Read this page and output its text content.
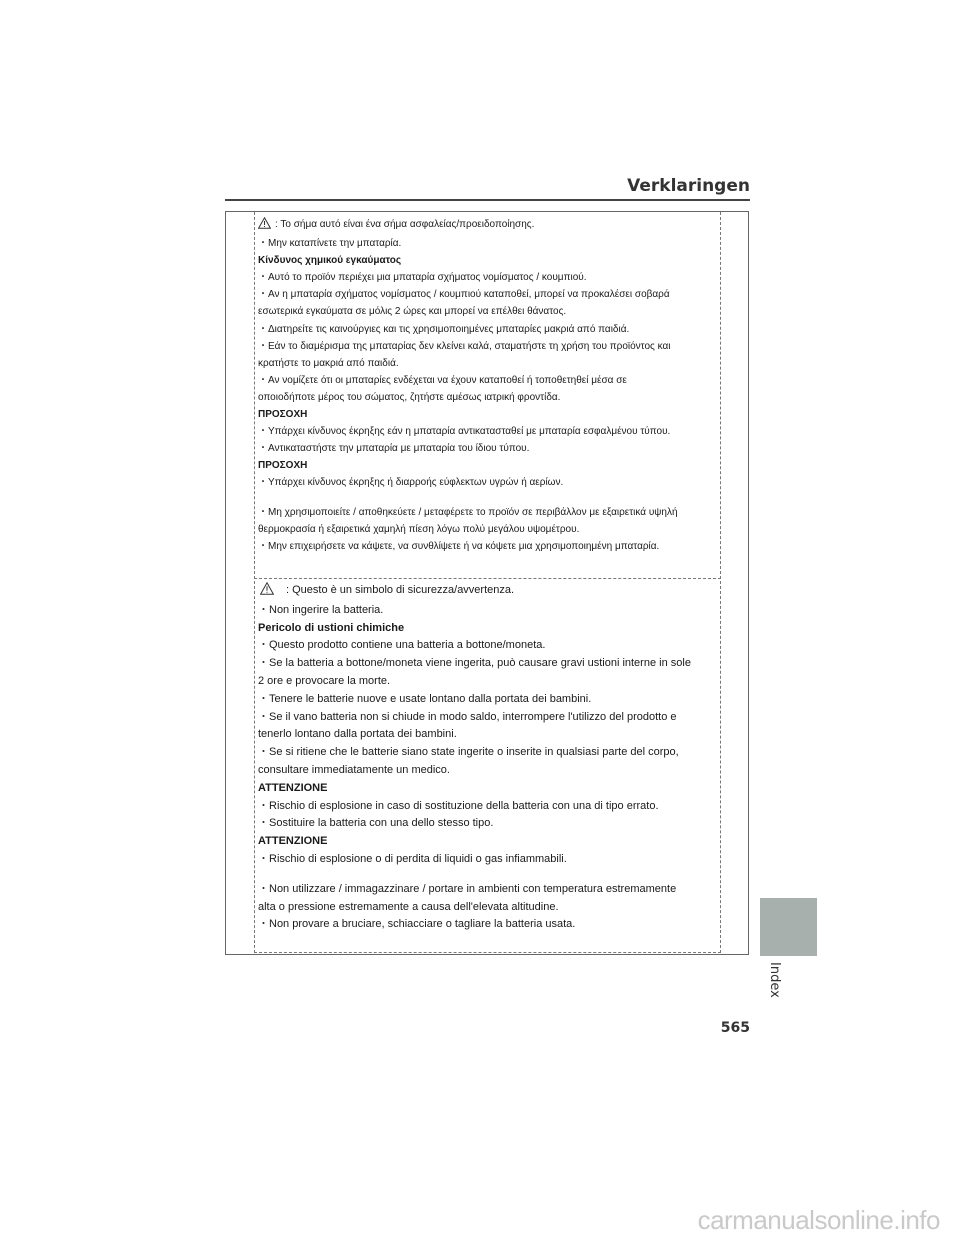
Verklaringen

: Το σήμα αυτό είναι ένα σήμα ασφαλείας/προειδοποίησης.

・Μην καταπίνετε την μπαταρία.

Κίνδυνος χημικού εγκαύματος

・Αυτό το προϊόν περιέχει μια μπαταρία σχήματος νομίσματος / κουμπιού.

・Αν η μπαταρία σχήματος νομίσματος / κουμπιού καταποθεί, μπορεί να προκαλέσει σοβαρά

εσωτερικά εγκαύματα σε μόλις 2 ώρες και μπορεί να επέλθει θάνατος.

・Διατηρείτε τις καινούργιες και τις χρησιμοποιημένες μπαταρίες μακριά από παιδιά.

・Εάν το διαμέρισμα της μπαταρίας δεν κλείνει καλά, σταματήστε τη χρήση του προϊόντος και

κρατήστε το μακριά από παιδιά.

・Αν νομίζετε ότι οι μπαταρίες ενδέχεται να έχουν καταποθεί ή τοποθετηθεί μέσα σε

οποιοδήποτε μέρος του σώματος, ζητήστε αμέσως ιατρική φροντίδα.

ΠΡΟΣΟΧΗ

・Υπάρχει κίνδυνος έκρηξης εάν η μπαταρία αντικατασταθεί με μπαταρία εσφαλμένου τύπου.

・Αντικαταστήστε την μπαταρία με μπαταρία του ίδιου τύπου.

ΠΡΟΣΟΧΗ

・Υπάρχει κίνδυνος έκρηξης ή διαρροής εύφλεκτων υγρών ή αερίων.

・Μη χρησιμοποιείτε / αποθηκεύετε / μεταφέρετε το προϊόν σε περιβάλλον με εξαιρετικά υψηλή

θερμοκρασία ή εξαιρετικά χαμηλή πίεση λόγω πολύ μεγάλου υψομέτρου.

・Μην επιχειρήσετε να κάψετε, να συνθλίψετε ή να κόψετε μια χρησιμοποιημένη μπαταρία.

: Questo è un simbolo di sicurezza/avvertenza.

・Non ingerire la batteria.

Pericolo di ustioni chimiche

・Questo prodotto contiene una batteria a bottone/moneta.

・Se la batteria a bottone/moneta viene ingerita, può causare gravi ustioni interne in sole

2 ore e provocare la morte.

・Tenere le batterie nuove e usate lontano dalla portata dei bambini.

・Se il vano batteria non si chiude in modo saldo, interrompere l'utilizzo del prodotto e

tenerlo lontano dalla portata dei bambini.

・Se si ritiene che le batterie siano state ingerite o inserite in qualsiasi parte del corpo,

consultare immediatamente un medico.

ATTENZIONE

・Rischio di esplosione in caso di sostituzione della batteria con una di tipo errato.

・Sostituire la batteria con una dello stesso tipo.

ATTENZIONE

・Rischio di esplosione o di perdita di liquidi o gas infiammabili.

・Non utilizzare / immagazzinare / portare in ambienti con temperatura estremamente

alta o pressione estremamente a causa dell'elevata altitudine.

・Non provare a bruciare, schiacciare o tagliare la batteria usata.

Index
565
carmanualsonline.info
